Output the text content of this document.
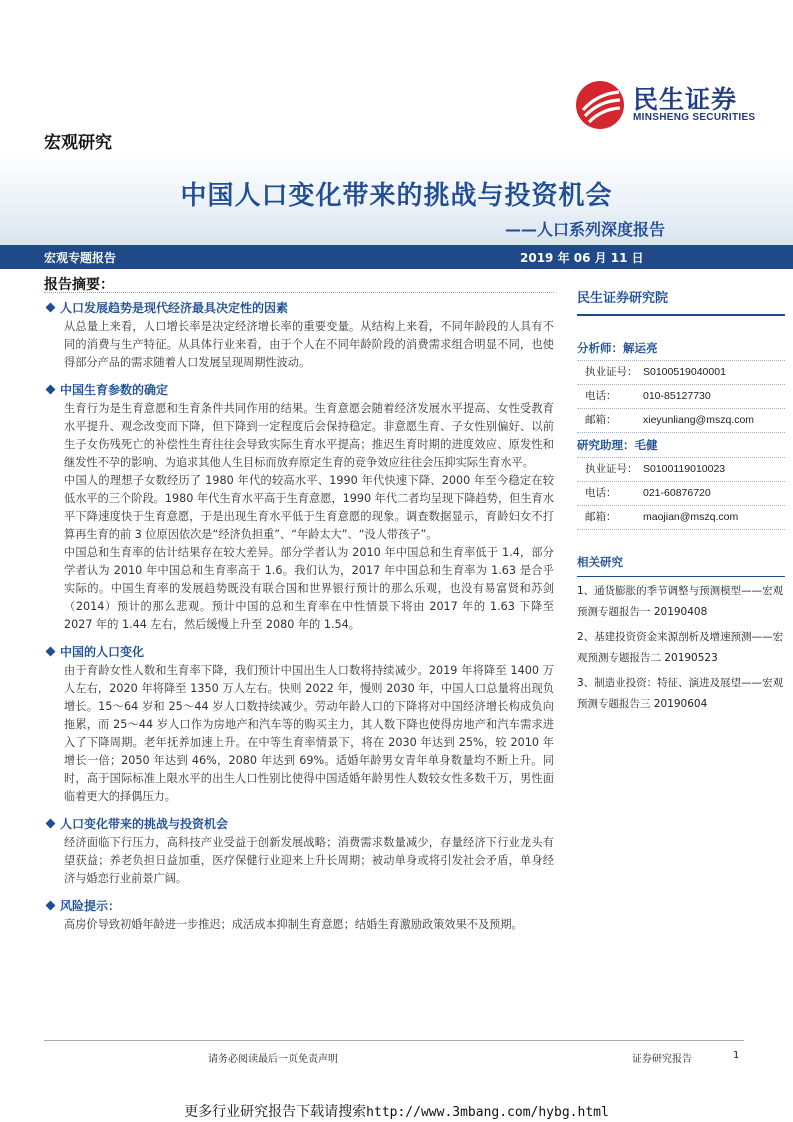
民生证券
MINSHENG SECURITIES
宏观研究
中国人口变化带来的挑战与投资机会
——人口系列深度报告
宏观专题报告	2019 年 06 月 11 日
报告摘要：
人口发展趋势是现代经济最具决定性的因素

从总量上来看，人口增长率是决定经济增长率的重要变量。从结构上来看，不同年龄段的人具有不同的消费与生产特征。从具体行业来看，由于个人在不同年龄阶段的消费需求组合明显不同，也使得部分产品的需求随着人口发展呈现周期性波动。

中国生育参数的确定

生育行为是生育意愿和生育条件共同作用的结果。生育意愿会随着经济发展水平提高、女性受教育水平提升、观念改变而下降，但下降到一定程度后会保持稳定。非意愿生育、子女性别偏好、以前生子女伤残死亡的补偿性生育往往会导致实际生育水平提高；推迟生育时期的进度效应、原发性和继发性不孕的影响、为追求其他人生目标而放弃原定生育的竞争效应往往会压抑实际生育水平。

中国人的理想子女数经历了 1980 年代的较高水平、1990 年代快速下降、2000 年至今稳定在较低水平的三个阶段。1980 年代生育水平高于生育意愿，1990 年代二者均呈现下降趋势，但生育水平下降速度快于生育意愿，于是出现生育水平低于生育意愿的现象。调查数据显示，育龄妇女不打算再生育的前 3 位原因依次是“经济负担重”、“年龄太大”、“没人带孩子”。

中国总和生育率的估计结果存在较大差异。部分学者认为 2010 年中国总和生育率低于 1.4，部分学者认为 2010 年中国总和生育率高于 1.6。我们认为，2017 年中国总和生育率为 1.63 是合乎实际的。中国生育率的发展趋势既没有联合国和世界银行预计的那么乐观，也没有易富贤和苏剑（2014）预计的那么悲观。预计中国的总和生育率在中性情景下将由 2017 年的 1.63 下降至 2027 年的 1.44 左右，然后缓慢上升至 2080 年的 1.54。

中国的人口变化

由于育龄女性人数和生育率下降，我们预计中国出生人口数将持续减少。2019 年将降至 1400 万人左右，2020 年将降至 1350 万人左右。快则 2022 年，慢则 2030 年，中国人口总量将出现负增长。15～64 岁和 25～44 岁人口数持续减少。劳动年龄人口的下降将对中国经济增长构成负向拖累，而 25～44 岁人口作为房地产和汽车等的购买主力，其人数下降也使得房地产和汽车需求进入了下降周期。老年抚养加速上升。在中等生育率情景下，将在 2030 年达到 25%，较 2010 年增长一倍；2050 年达到 46%，2080 年达到 69%。适婚年龄男女青年单身数量均不断上升。同时，高于国际标准上限水平的出生人口性别比使得中国适婚年龄男性人数较女性多数千万，男性面临着更大的择偶压力。

人口变化带来的挑战与投资机会

经济面临下行压力，高科技产业受益于创新发展战略；消费需求数量减少，存量经济下行业龙头有望获益；养老负担日益加重，医疗保健行业迎来上升长周期；被动单身或将引发社会矛盾，单身经济与婚恋行业前景广阔。

风险提示：

高房价导致初婚年龄进一步推迟；成活成本抑制生育意愿；结婚生育激励政策效果不及预期。

民生证券研究院
分析师：解运亮
执业证号： S0100519040001
电话：	010-85127730
邮箱：	xieyunliang@mszq.com
研究助理：毛健
执业证号： S0100119010023
电话：	021-60876720
邮箱：	maojian@mszq.com
相关研究
1、通货膨胀的季节调整与预测模型——宏观预测专题报告一 20190408
2、基建投资资金来源剖析及增速预测——宏观预测专题报告二 20190523
3、制造业投资：特征、演进及展望——宏观预测专题报告三 20190604
请务必阅读最后一页免责声明	证券研究报告	1
更多行业研究报告下载请搜索http://www.3mbang.com/hybg.html
